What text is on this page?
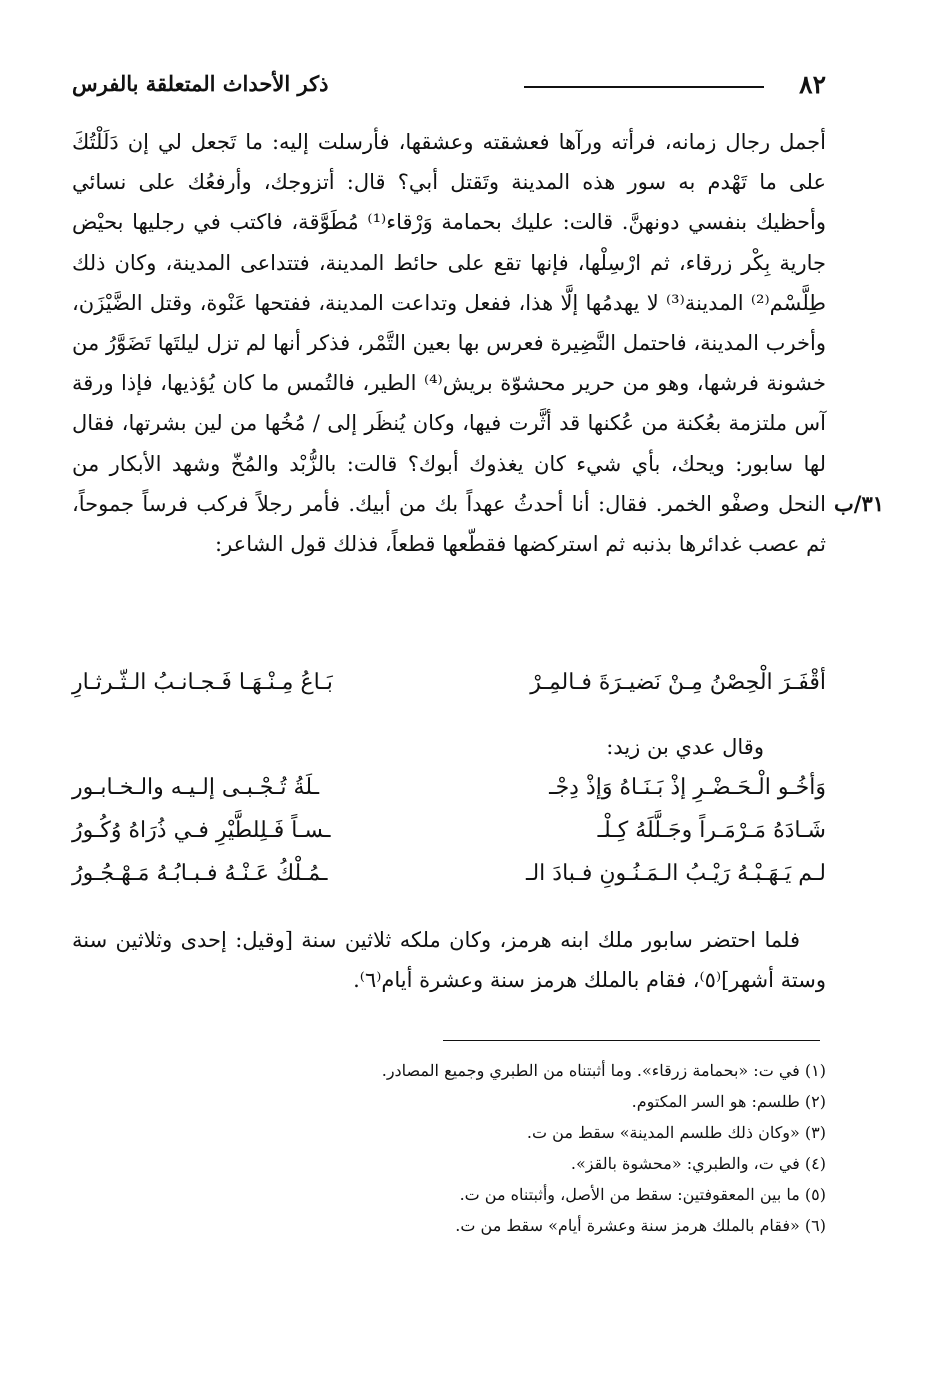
٨٢
ذكر الأحداث المتعلقة بالفرس

أجمل رجال زمانه، فرأته ورآها فعشقته وعشقها، فأرسلت إليه: ما تَجعل لي إن دَلَلْتُكَ على ما تَهْدم به سور هذه المدينة وتَقتل أبي؟ قال: أتزوجك، وأرفعُك على نسائي وأحظيك بنفسي دونهنَّ. قالت: عليك بحمامة وَرْقاء⁽¹⁾ مُطَوَّقة، فاكتب في رجليها بحيْض جارية بِكْر زرقاء، ثم ارْسِلْها، فإنها تقع على حائط المدينة، فتتداعى المدينة، وكان ذلك طِلَّسْم⁽²⁾ المدينة⁽³⁾ لا يهدمُها إلَّا هذا، ففعل وتداعت المدينة، ففتحها عَنْوة، وقتل الضَّيْزَن، وأخرب المدينة، فاحتمل النَّضِيرة فعرس بها بعين التَّمْر، فذكر أنها لم تزل ليلتَها تَضَوَّرُ من خشونة فرشها، وهو من حرير محشوّة بريش⁽⁴⁾ الطير، فالتُمس ما كان يُؤذيها، فإذا ورقة آس ملتزمة بعُكنة من عُكنها قد أثَّرت فيها، وكان يُنظَر إلى / مُخُها من لين بشرتها، فقال لها سابور: ويحك، بأي شيء كان يغذوك أبوك؟ قالت: بالزُّبْد والمُخّ وشهد الأبكار من النحل وصفْو الخمر. فقال: أنا أحدثُ عهداً بك من أبيك. فأمر رجلاً فركب فرساً جموحاً، ثم عصب غدائرها بذنبه ثم استركضها فقطّعها قطعاً، فذلك قول الشاعر:

٣١/ب
أقْفَـرَ الْحِصْنُ مِـنْ نَضيـرَةَ فـالمِـرْ
بَـاعُ مِـنْـهَـا فَـجـانـبُ الـثّـرثـارِ
وقال عدي بن زيد:
وَأخُـو الْـحَـضْـرِ إذْ بَـنَـاهُ وَإذْ دِجْـ
ـلَةُ تُـجْـبـى إلـيـه والـخـابـور
شَـادَهُ مَـرْمَـراً وجَـلَّلَهُ كِـلْـ
ـسـاً فَـلِلطَّيْرِ فـي ذُرَاهُ وُكُـورُ
لـم يَـهَـبْـهُ رَيْـبُ الـمَـنُـونِ فـبادَ الـ
ـمُـلْكُ عَـنْـهُ فـبـابُـهُ مَـهْـجُـورُ

فلما احتضر سابور ملك ابنه هرمز، وكان ملكه ثلاثين سنة [وقيل: إحدى وثلاثين سنة وستة أشهر]⁽٥⁾، فقام بالملك هرمز سنة وعشرة أيام⁽٦⁾.

(١) في ت: «بحمامة زرقاء». وما أثبتناه من الطبري وجميع المصادر.
(٢) طلسم: هو السر المكتوم.
(٣) «وكان ذلك طلسم المدينة» سقط من ت.
(٤) في ت، والطبري: «محشوة بالقز».
(٥) ما بين المعقوفتين: سقط من الأصل، وأثبتناه من ت.
(٦) «فقام بالملك هرمز سنة وعشرة أيام» سقط من ت.
